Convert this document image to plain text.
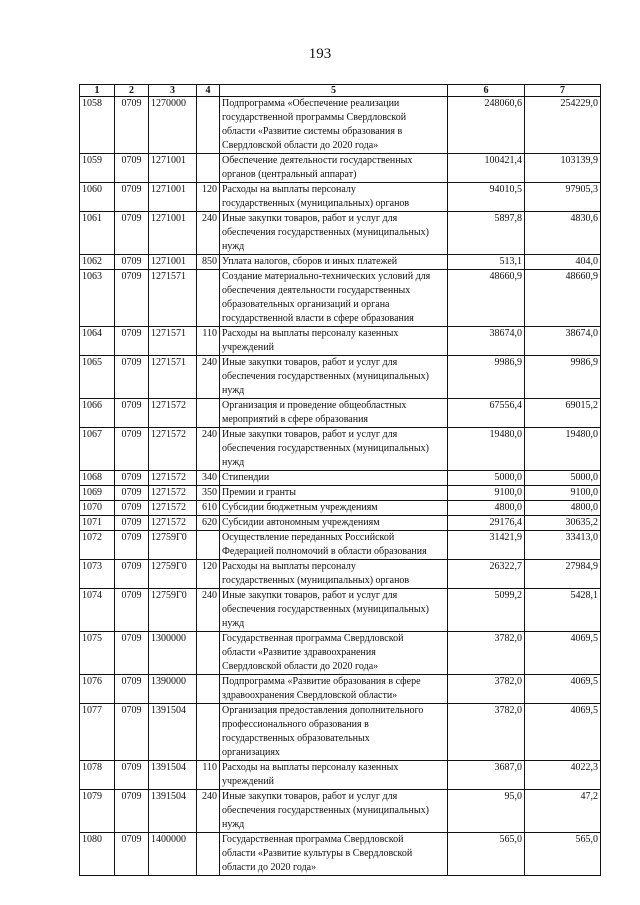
193
1	2	3	4	5	6	7
1058	0709	1270000		Подпрограмма «Обеспечение реализации
государственной программы Свердловской
области «Развитие системы образования в
Свердловской области до 2020 года»	248060,6	254229,0
1059	0709	1271001		Обеспечение деятельности государственных
органов (центральный аппарат)	100421,4	103139,9
1060	0709	1271001	120	Расходы на выплаты персоналу
государственных (муниципальных) органов	94010,5	97905,3
1061	0709	1271001	240	Иные закупки товаров, работ и услуг для
обеспечения государственных (муниципальных)
нужд	5897,8	4830,6
1062	0709	1271001	850	Уплата налогов, сборов и иных платежей	513,1	404,0
1063	0709	1271571		Создание материально-технических условий для
обеспечения деятельности государственных
образовательных организаций и органа
государственной власти в сфере образования	48660,9	48660,9
1064	0709	1271571	110	Расходы на выплаты персоналу казенных
учреждений	38674,0	38674,0
1065	0709	1271571	240	Иные закупки товаров, работ и услуг для
обеспечения государственных (муниципальных)
нужд	9986,9	9986,9
1066	0709	1271572		Организация и проведение общеобластных
мероприятий в сфере образования	67556,4	69015,2
1067	0709	1271572	240	Иные закупки товаров, работ и услуг для
обеспечения государственных (муниципальных)
нужд	19480,0	19480,0
1068	0709	1271572	340	Стипендии	5000,0	5000,0
1069	0709	1271572	350	Премии и гранты	9100,0	9100,0
1070	0709	1271572	610	Субсидии бюджетным учреждениям	4800,0	4800,0
1071	0709	1271572	620	Субсидии автономным учреждениям	29176,4	30635,2
1072	0709	12759Г0		Осуществление переданных Российской
Федерацией полномочий в области образования	31421,9	33413,0
1073	0709	12759Г0	120	Расходы на выплаты персоналу
государственных (муниципальных) органов	26322,7	27984,9
1074	0709	12759Г0	240	Иные закупки товаров, работ и услуг для
обеспечения государственных (муниципальных)
нужд	5099,2	5428,1
1075	0709	1300000		Государственная программа Свердловской
области «Развитие здравоохранения
Свердловской области до 2020 года»	3782,0	4069,5
1076	0709	1390000		Подпрограмма «Развитие образования в сфере
здравоохранения Свердловской области»	3782,0	4069,5
1077	0709	1391504		Организация предоставления дополнительного
профессионального образования в
государственных образовательных
организациях	3782,0	4069,5
1078	0709	1391504	110	Расходы на выплаты персоналу казенных
учреждений	3687,0	4022,3
1079	0709	1391504	240	Иные закупки товаров, работ и услуг для
обеспечения государственных (муниципальных)
нужд	95,0	47,2
1080	0709	1400000		Государственная программа Свердловской
области «Развитие культуры в Свердловской
области до 2020 года»	565,0	565,0
